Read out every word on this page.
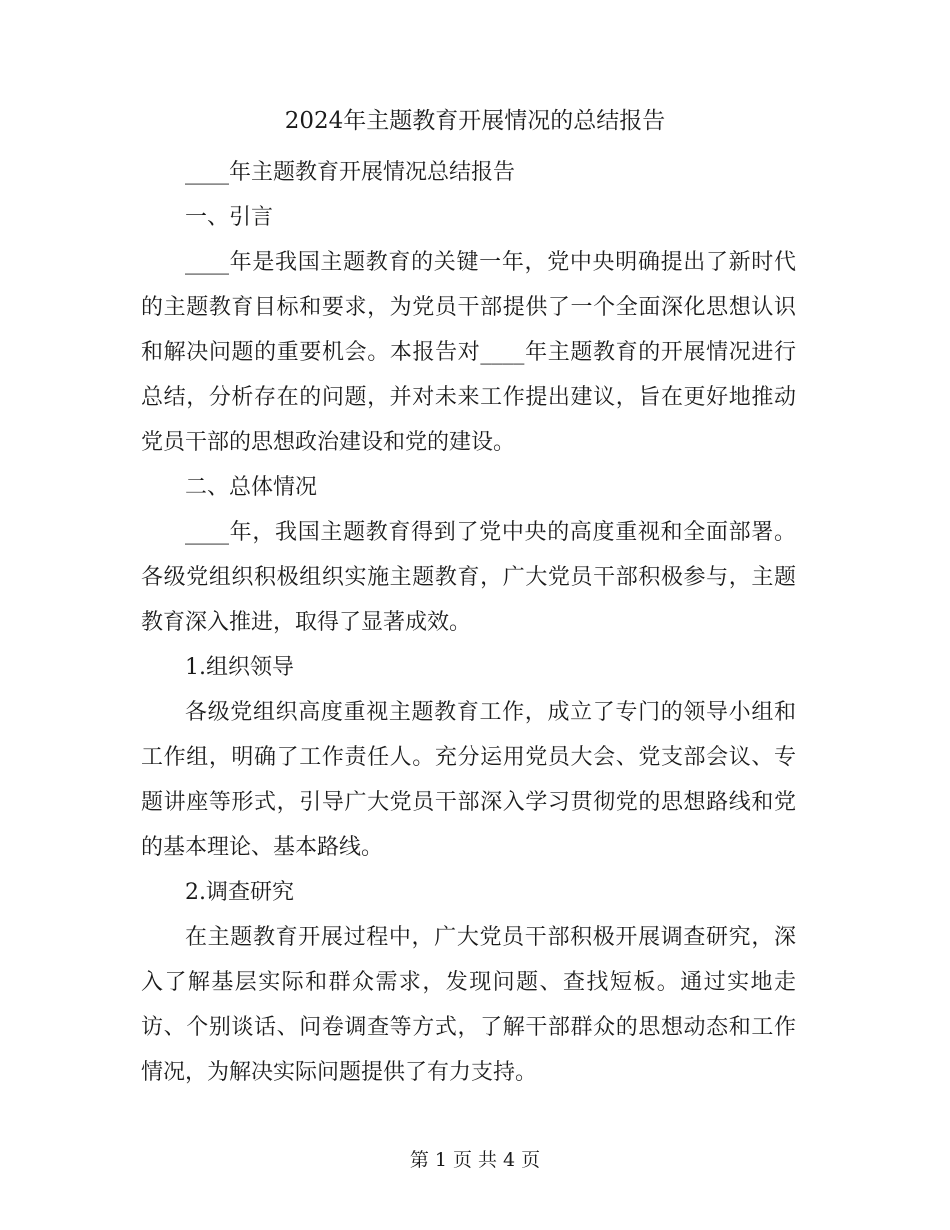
2024年主题教育开展情况的总结报告

____年主题教育开展情况总结报告

一、引言

____年是我国主题教育的关键一年，党中央明确提出了新时代的主题教育目标和要求，为党员干部提供了一个全面深化思想认识和解决问题的重要机会。本报告对____年主题教育的开展情况进行总结，分析存在的问题，并对未来工作提出建议，旨在更好地推动党员干部的思想政治建设和党的建设。

二、总体情况

____年，我国主题教育得到了党中央的高度重视和全面部署。各级党组织积极组织实施主题教育，广大党员干部积极参与，主题教育深入推进，取得了显著成效。

1.组织领导

各级党组织高度重视主题教育工作，成立了专门的领导小组和工作组，明确了工作责任人。充分运用党员大会、党支部会议、专题讲座等形式，引导广大党员干部深入学习贯彻党的思想路线和党的基本理论、基本路线。

2.调查研究

在主题教育开展过程中，广大党员干部积极开展调查研究，深入了解基层实际和群众需求，发现问题、查找短板。通过实地走访、个别谈话、问卷调查等方式，了解干部群众的思想动态和工作情况，为解决实际问题提供了有力支持。

第 1 页 共 4 页
